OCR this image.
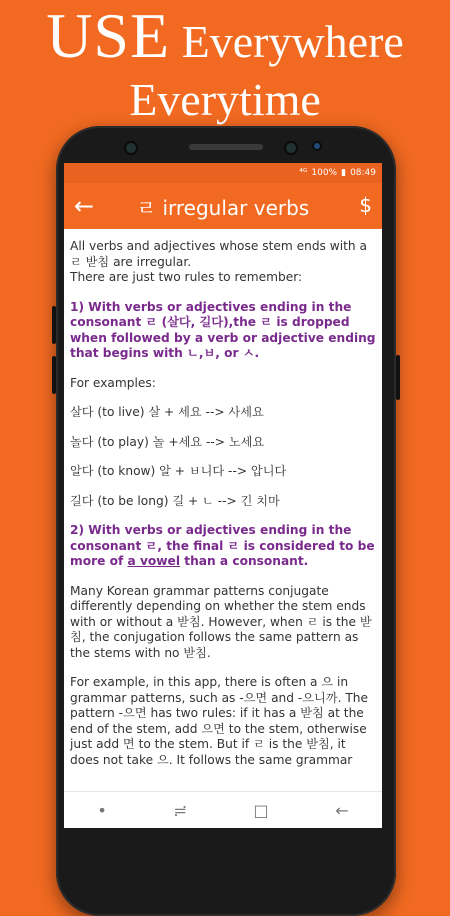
USE Everywhere
Everytime
⁴ᴳ 100% ▮ 08:49
←	ㄹ irregular verbs	$

All verbs and adjectives whose stem ends with a ㄹ 받침 are irregular.
There are just two rules to remember:

1) With verbs or adjectives ending in the consonant ㄹ (살다, 길다),the ㄹ is dropped when followed by a verb or adjective ending that begins with ㄴ,ㅂ, or ㅅ.

For examples:

살다 (to live) 살 + 세요 --> 사세요

놀다 (to play) 놀 +세요 --> 노세요

알다 (to know) 알 + ㅂ니다 --> 압니다

길다 (to be long) 길 + ㄴ --> 긴 치마

2) With verbs or adjectives ending in the consonant ㄹ, the final ㄹ is considered to be more of a vowel than a consonant.

Many Korean grammar patterns conjugate differently depending on whether the stem ends with or without a 받침. However, when ㄹ is the 받침, the conjugation follows the same pattern as the stems with no 받침.

For example, in this app, there is often a 으 in grammar patterns, such as -으면 and -으니까. The pattern -으면 has two rules: if it has a 받침 at the end of the stem, add 으면 to the stem, otherwise just add 면 to the stem. But if ㄹ is the 받침, it does not take 으. It follows the same grammar

•	≓	□	←
